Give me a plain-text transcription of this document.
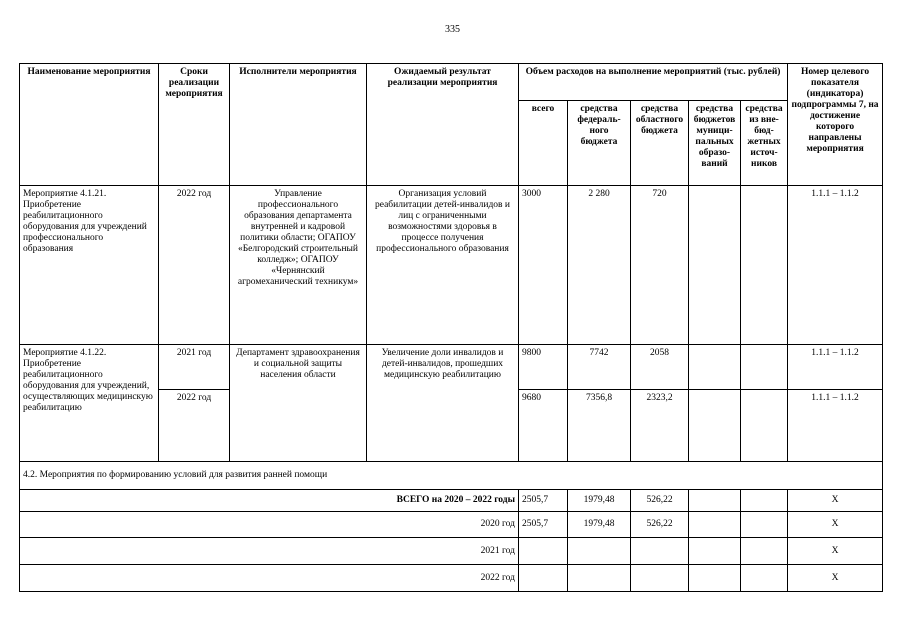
335
Наименование мероприятия	Сроки реализации мероприятия	Исполнители мероприятия	Ожидаемый результат реализации мероприятия	Объем расходов на выполнение мероприятий (тыс. рублей)					Номер целевого показателя (индикатора) подпрограммы 7, на достижение которого направлены мероприятия
				всего	средства федераль-ного бюджета	средства областного бюджета	средства бюджетов муници-пальных образо-ваний	средства из вне-бюд-жетных источ-ников	
Мероприятие 4.1.21. Приобретение реабилитационного оборудования для учреждений профессионального образования	2022 год	Управление профессионального образования департамента внутренней и кадровой политики области; ОГАПОУ «Белгородский строительный колледж»; ОГАПОУ «Чернянский агромеханический техникум»	Организация условий реабилитации детей-инвалидов и лиц с ограниченными возможностями здоровья в процессе получения профессионального образования	3000	2 280	720			1.1.1 – 1.1.2
Мероприятие 4.1.22. Приобретение реабилитационного оборудования для учреждений, осуществляющих медицинскую реабилитацию	2021 год	Департамент здравоохранения и социальной защиты населения области	Увеличение доли инвалидов и детей-инвалидов, прошедших медицинскую реабилитацию	9800	7742	2058			1.1.1 – 1.1.2
	2022 год			9680	7356,8	2323,2			1.1.1 – 1.1.2
4.2. Мероприятия по формированию условий для развития ранней помощи									
ВСЕГО на 2020 – 2022 годы				2505,7	1979,48	526,22			X
2020 год				2505,7	1979,48	526,22			X
2021 год									X
2022 год									X
